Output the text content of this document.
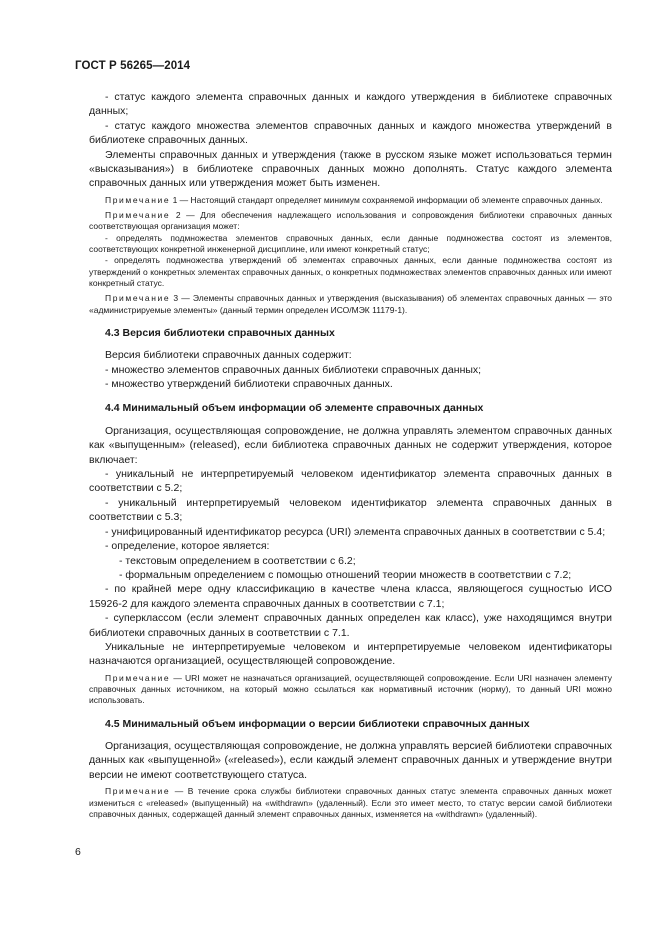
ГОСТ Р 56265—2014

- статус каждого элемента справочных данных и каждого утверждения в библиотеке справочных данных;

- статус каждого множества элементов справочных данных и каждого множества утверждений в библиотеке справочных данных.

Элементы справочных данных и утверждения (также в русском языке может использоваться термин «высказывания») в библиотеке справочных данных можно дополнять. Статус каждого элемента справочных данных или утверждения может быть изменен.

Примечание 1 — Настоящий стандарт определяет минимум сохраняемой информации об элементе справочных данных.

Примечание 2 — Для обеспечения надлежащего использования и сопровождения библиотеки справочных данных соответствующая организация может:

- определять подмножества элементов справочных данных, если данные подмножества состоят из элементов, соответствующих конкретной инженерной дисциплине, или имеют конкретный статус;

- определять подмножества утверждений об элементах справочных данных, если данные подмножества состоят из утверждений о конкретных элементах справочных данных, о конкретных подмножествах элементов справочных данных или имеют конкретный статус.

Примечание 3 — Элементы справочных данных и утверждения (высказывания) об элементах справочных данных — это «администрируемые элементы» (данный термин определен ИСО/МЭК 11179-1).

4.3 Версия библиотеки справочных данных

Версия библиотеки справочных данных содержит:

- множество элементов справочных данных библиотеки справочных данных;

- множество утверждений библиотеки справочных данных.

4.4 Минимальный объем информации об элементе справочных данных

Организация, осуществляющая сопровождение, не должна управлять элементом справочных данных как «выпущенным» (released), если библиотека справочных данных не содержит утверждения, которое включает:

- уникальный не интерпретируемый человеком идентификатор элемента справочных данных в соответствии с 5.2;

- уникальный интерпретируемый человеком идентификатор элемента справочных данных в соответствии с 5.3;

- унифицированный идентификатор ресурса (URI) элемента справочных данных в соответствии с 5.4;

- определение, которое является:

- текстовым определением в соответствии с 6.2;

- формальным определением с помощью отношений теории множеств в соответствии с 7.2;

- по крайней мере одну классификацию в качестве члена класса, являющегося сущностью ИСО 15926-2 для каждого элемента справочных данных в соответствии с 7.1;

- суперклассом (если элемент справочных данных определен как класс), уже находящимся внутри библиотеки справочных данных в соответствии с 7.1.

Уникальные не интерпретируемые человеком и интерпретируемые человеком идентификаторы назначаются организацией, осуществляющей сопровождение.

Примечание — URI может не назначаться организацией, осуществляющей сопровождение. Если URI назначен элементу справочных данных источником, на который можно ссылаться как нормативный источник (норму), то данный URI можно использовать.

4.5 Минимальный объем информации о версии библиотеки справочных данных

Организация, осуществляющая сопровождение, не должна управлять версией библиотеки справочных данных как «выпущенной» («released»), если каждый элемент справочных данных и утверждение внутри версии не имеют соответствующего статуса.

Примечание — В течение срока службы библиотеки справочных данных статус элемента справочных данных может измениться с «released» (выпущенный) на «withdrawn» (удаленный). Если это имеет место, то статус версии самой библиотеки справочных данных, содержащей данный элемент справочных данных, изменяется на «withdrawn» (удаленный).

6
